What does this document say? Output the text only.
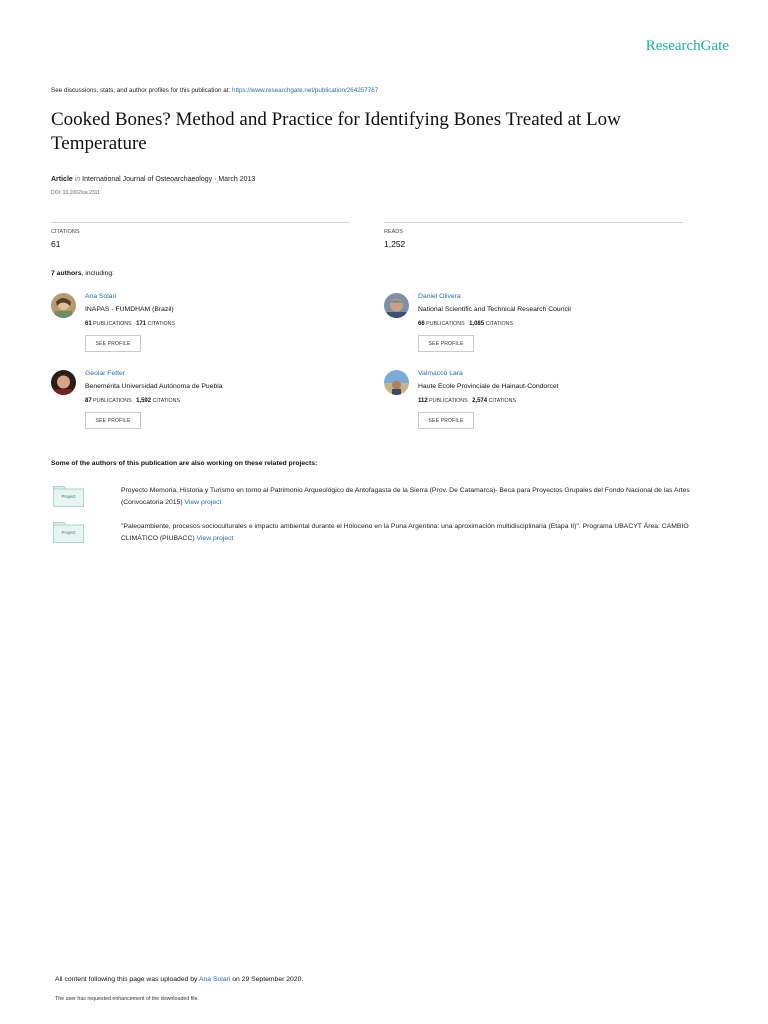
ResearchGate
See discussions, stats, and author profiles for this publication at: https://www.researchgate.net/publication/264257767
Cooked Bones? Method and Practice for Identifying Bones Treated at Low Temperature
Article in International Journal of Osteoarchaeology · March 2013
DOI: 10.1002/oa.2311
CITATIONS
61
READS
1,252
7 authors, including:
Ana Solari
INAPAS - FUMDHAM (Brazil)
61 PUBLICATIONS 171 CITATIONS
SEE PROFILE
Daniel Olivera
National Scientific and Technical Research Council
66 PUBLICATIONS 1,085 CITATIONS
SEE PROFILE
Geolar Fetter
Benemérita Universidad Autónoma de Puebla
87 PUBLICATIONS 1,592 CITATIONS
SEE PROFILE
Valmacco Lara
Haute Ecole Provinciale de Hainaut-Condorcet
112 PUBLICATIONS 2,574 CITATIONS
SEE PROFILE
Some of the authors of this publication are also working on these related projects:
Project
Proyecto Memoria, Historia y Turismo en torno al Patrimonio Arqueológico de Antofagasta de la Sierra (Prov. De Catamarca)- Beca para Proyectos Grupales del Fondo Nacional de las Artes (Convocatoria 2015) View project
Project
"Paleoambiente, procesos socioculturales e impacto ambiental durante el Holoceno en la Puna Argentina: una aproximación multidisciplinaria (Etapa II)". Programa UBACYT Área: CAMBIO CLIMÁTICO (PIUBACC) View project
All content following this page was uploaded by Ana Solari on 29 September 2020.
The user has requested enhancement of the downloaded file.
